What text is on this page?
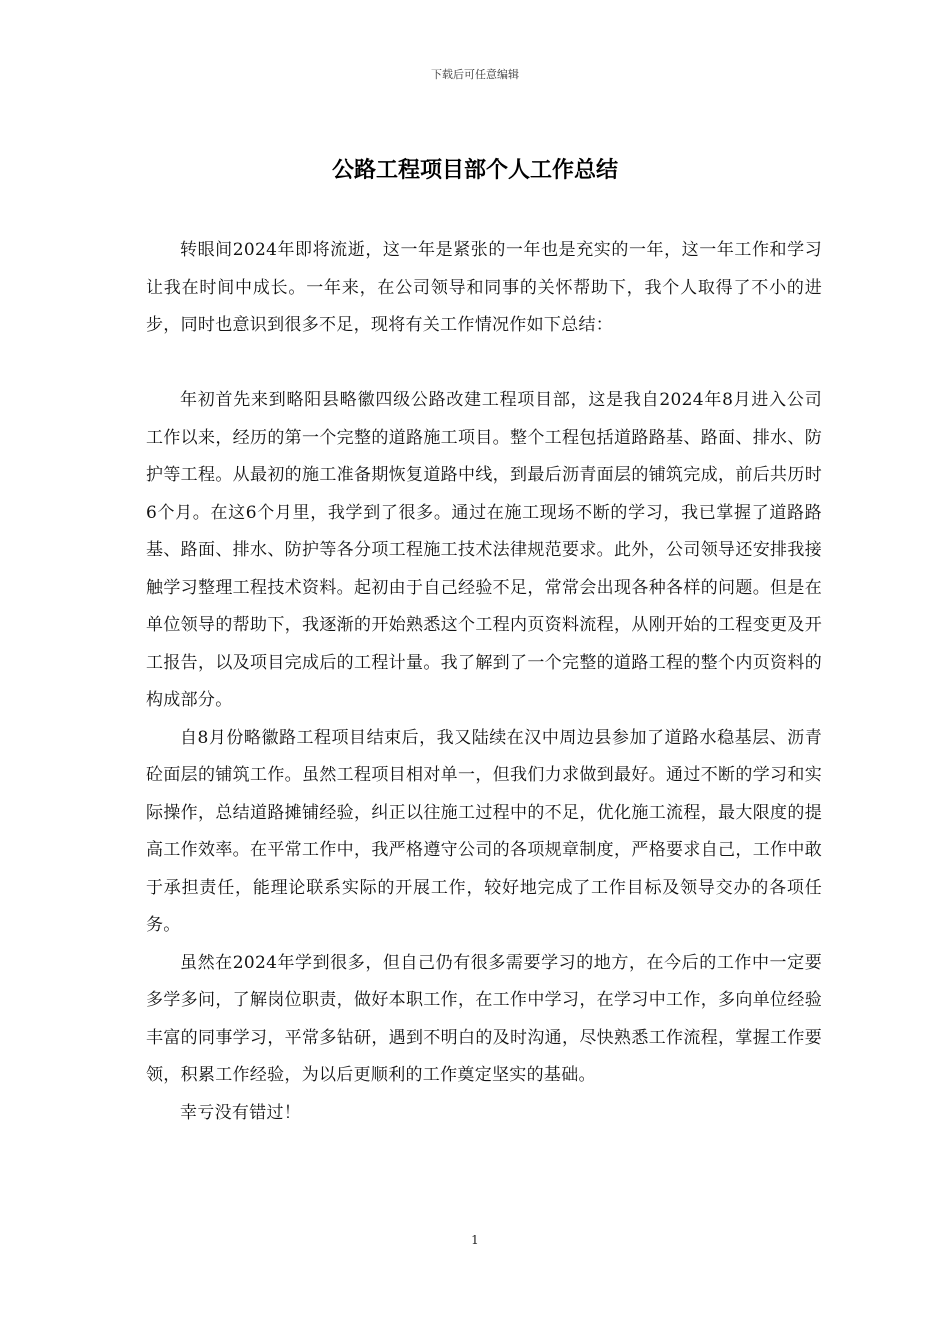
下载后可任意编辑
公路工程项目部个人工作总结

转眼间2024年即将流逝，这一年是紧张的一年也是充实的一年，这一年工作和学习让我在时间中成长。一年来，在公司领导和同事的关怀帮助下，我个人取得了不小的进步，同时也意识到很多不足，现将有关工作情况作如下总结：

年初首先来到略阳县略徽四级公路改建工程项目部，这是我自2024年8月进入公司工作以来，经历的第一个完整的道路施工项目。整个工程包括道路路基、路面、排水、防护等工程。从最初的施工准备期恢复道路中线，到最后沥青面层的铺筑完成，前后共历时6个月。在这6个月里，我学到了很多。通过在施工现场不断的学习，我已掌握了道路路基、路面、排水、防护等各分项工程施工技术法律规范要求。此外，公司领导还安排我接触学习整理工程技术资料。起初由于自己经验不足，常常会出现各种各样的问题。但是在单位领导的帮助下，我逐渐的开始熟悉这个工程内页资料流程，从刚开始的工程变更及开工报告，以及项目完成后的工程计量。我了解到了一个完整的道路工程的整个内页资料的构成部分。

自8月份略徽路工程项目结束后，我又陆续在汉中周边县参加了道路水稳基层、沥青砼面层的铺筑工作。虽然工程项目相对单一，但我们力求做到最好。通过不断的学习和实际操作，总结道路摊铺经验，纠正以往施工过程中的不足，优化施工流程，最大限度的提高工作效率。在平常工作中，我严格遵守公司的各项规章制度，严格要求自己，工作中敢于承担责任，能理论联系实际的开展工作，较好地完成了工作目标及领导交办的各项任务。

虽然在2024年学到很多，但自己仍有很多需要学习的地方，在今后的工作中一定要多学多问，了解岗位职责，做好本职工作，在工作中学习，在学习中工作，多向单位经验丰富的同事学习，平常多钻研，遇到不明白的及时沟通，尽快熟悉工作流程，掌握工作要领，积累工作经验，为以后更顺利的工作奠定坚实的基础。

幸亏没有错过！

1
